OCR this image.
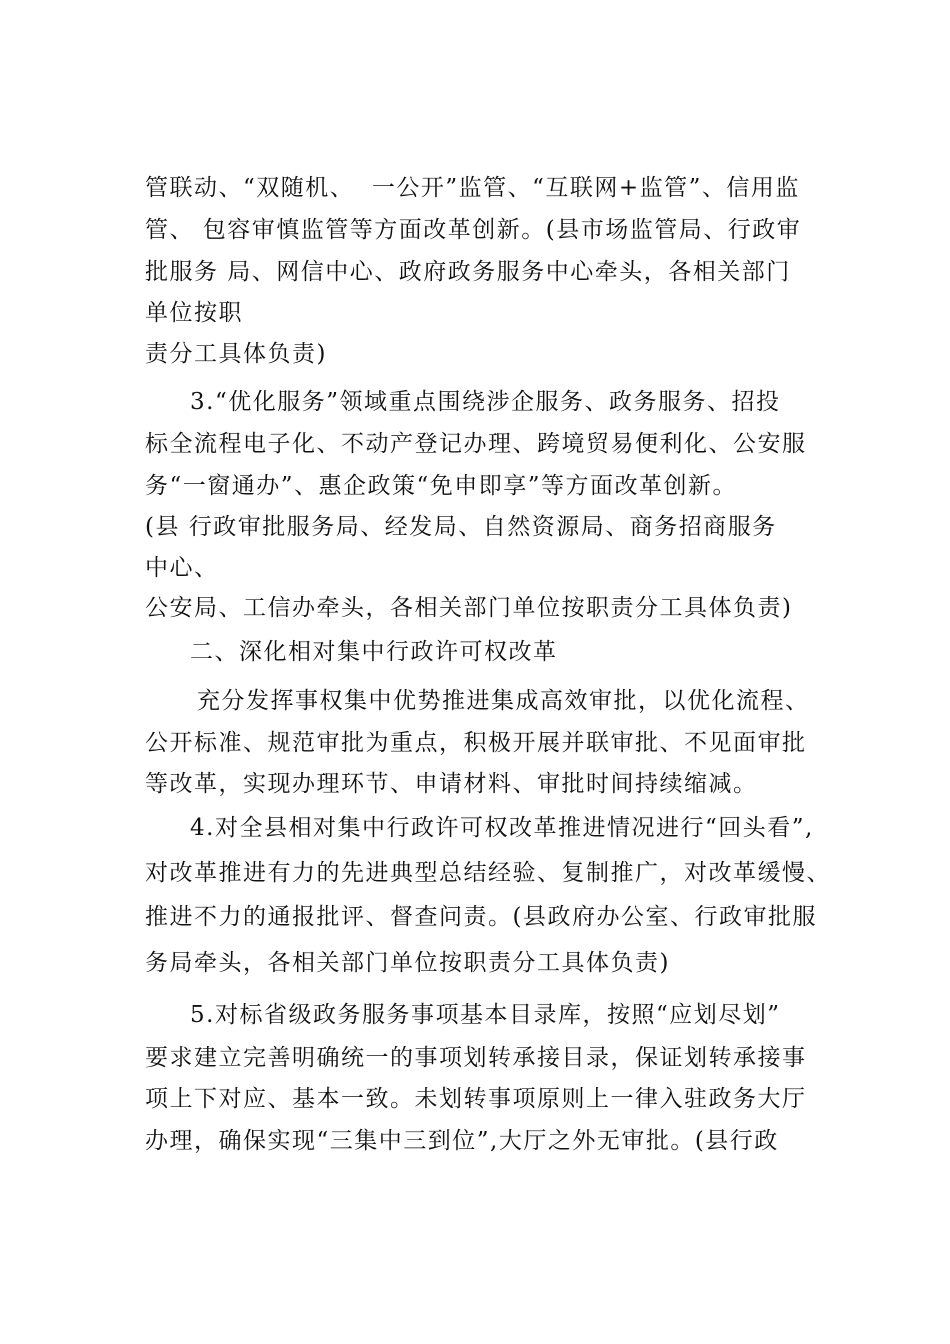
管联动、“双随机、  一公开”监管、“互联网+监管”、信用监

管、 包容审慎监管等方面改革创新。(县市场监管局、行政审

批服务 局、网信中心、政府政务服务中心牵头，各相关部门

单位按职

责分工具体负责)

3.“优化服务”领域重点围绕涉企服务、政务服务、招投

标全流程电子化、不动产登记办理、跨境贸易便利化、公安服

务“一窗通办”、惠企政策“免申即享”等方面改革创新。

(县 行政审批服务局、经发局、自然资源局、商务招商服务

中心、

公安局、工信办牵头，各相关部门单位按职责分工具体负责)

二、深化相对集中行政许可权改革

充分发挥事权集中优势推进集成高效审批，以优化流程、

公开标准、规范审批为重点，积极开展并联审批、不见面审批

等改革，实现办理环节、申请材料、审批时间持续缩减。

4.对全县相对集中行政许可权改革推进情况进行“回头看”,

对改革推进有力的先进典型总结经验、复制推广，对改革缓慢、

推进不力的通报批评、督查问责。(县政府办公室、行政审批服

务局牵头，各相关部门单位按职责分工具体负责)

5.对标省级政务服务事项基本目录库，按照“应划尽划”

要求建立完善明确统一的事项划转承接目录，保证划转承接事

项上下对应、基本一致。未划转事项原则上一律入驻政务大厅

办理，确保实现“三集中三到位”,大厅之外无审批。(县行政
